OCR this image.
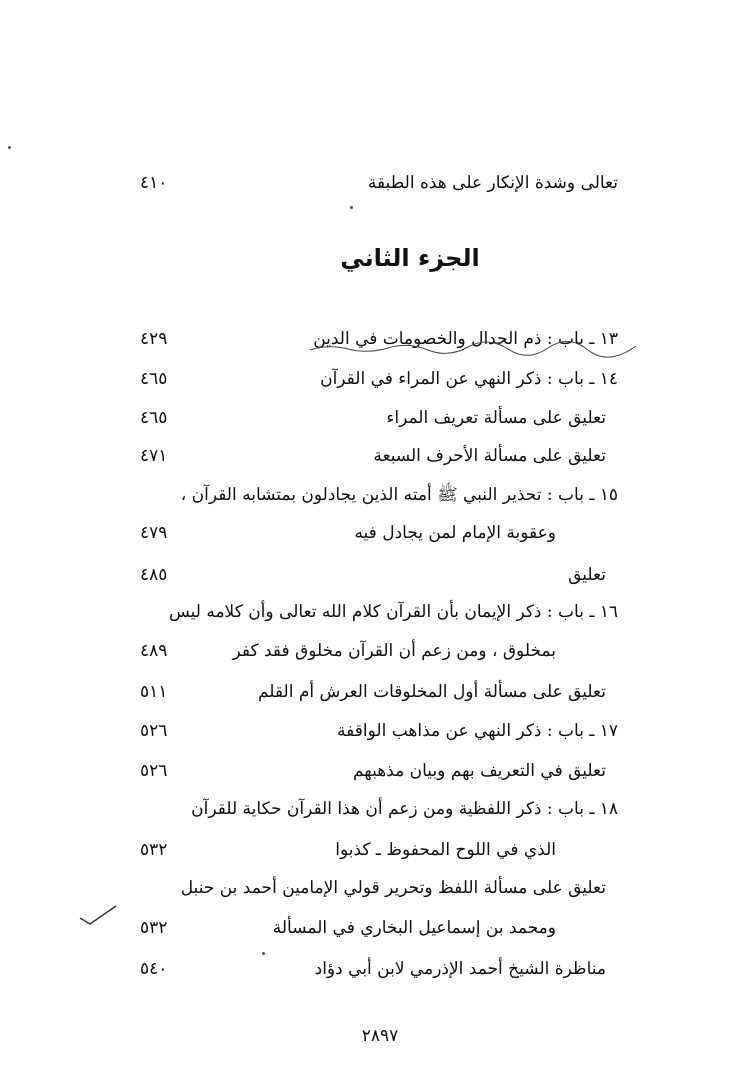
تعالى وشدة الإنكار على هذه الطبقة
٤١٠
الجزء الثاني
١٣ ـ باب : ذم الجدال والخصومات في الدين
٤٢٩
١٤ ـ باب : ذكر النهي عن المراء في القرآن
٤٦٥
تعليق على مسألة تعريف المراء
٤٦٥
تعليق على مسألة الأحرف السبعة
٤٧١
١٥ ـ باب : تحذير النبي ﷺ أمته الذين يجادلون بمتشابه القرآن ،
وعقوبة الإمام لمن يجادل فيه
٤٧٩
تعليق
٤٨٥
١٦ ـ باب : ذكر الإيمان بأن القرآن كلام الله تعالى وأن كلامه ليس
بمخلوق ، ومن زعم أن القرآن مخلوق فقد كفر
٤٨٩
تعليق على مسألة أول المخلوقات العرش أم القلم
٥١١
١٧ ـ باب : ذكر النهي عن مذاهب الواقفة
٥٢٦
تعليق في التعريف بهم وبيان مذهبهم
٥٢٦
١٨ ـ باب : ذكر اللفظية ومن زعم أن هذا القرآن حكاية للقرآن
الذي في اللوح المحفوظ ـ كذبوا
٥٣٢
تعليق على مسألة اللفظ وتحرير قولي الإمامين أحمد بن حنبل
ومحمد بن إسماعيل البخاري في المسألة
٥٣٢
مناظرة الشيخ أحمد الإذرمي لابن أبي دؤاد
٥٤٠
٢٨٩٧
